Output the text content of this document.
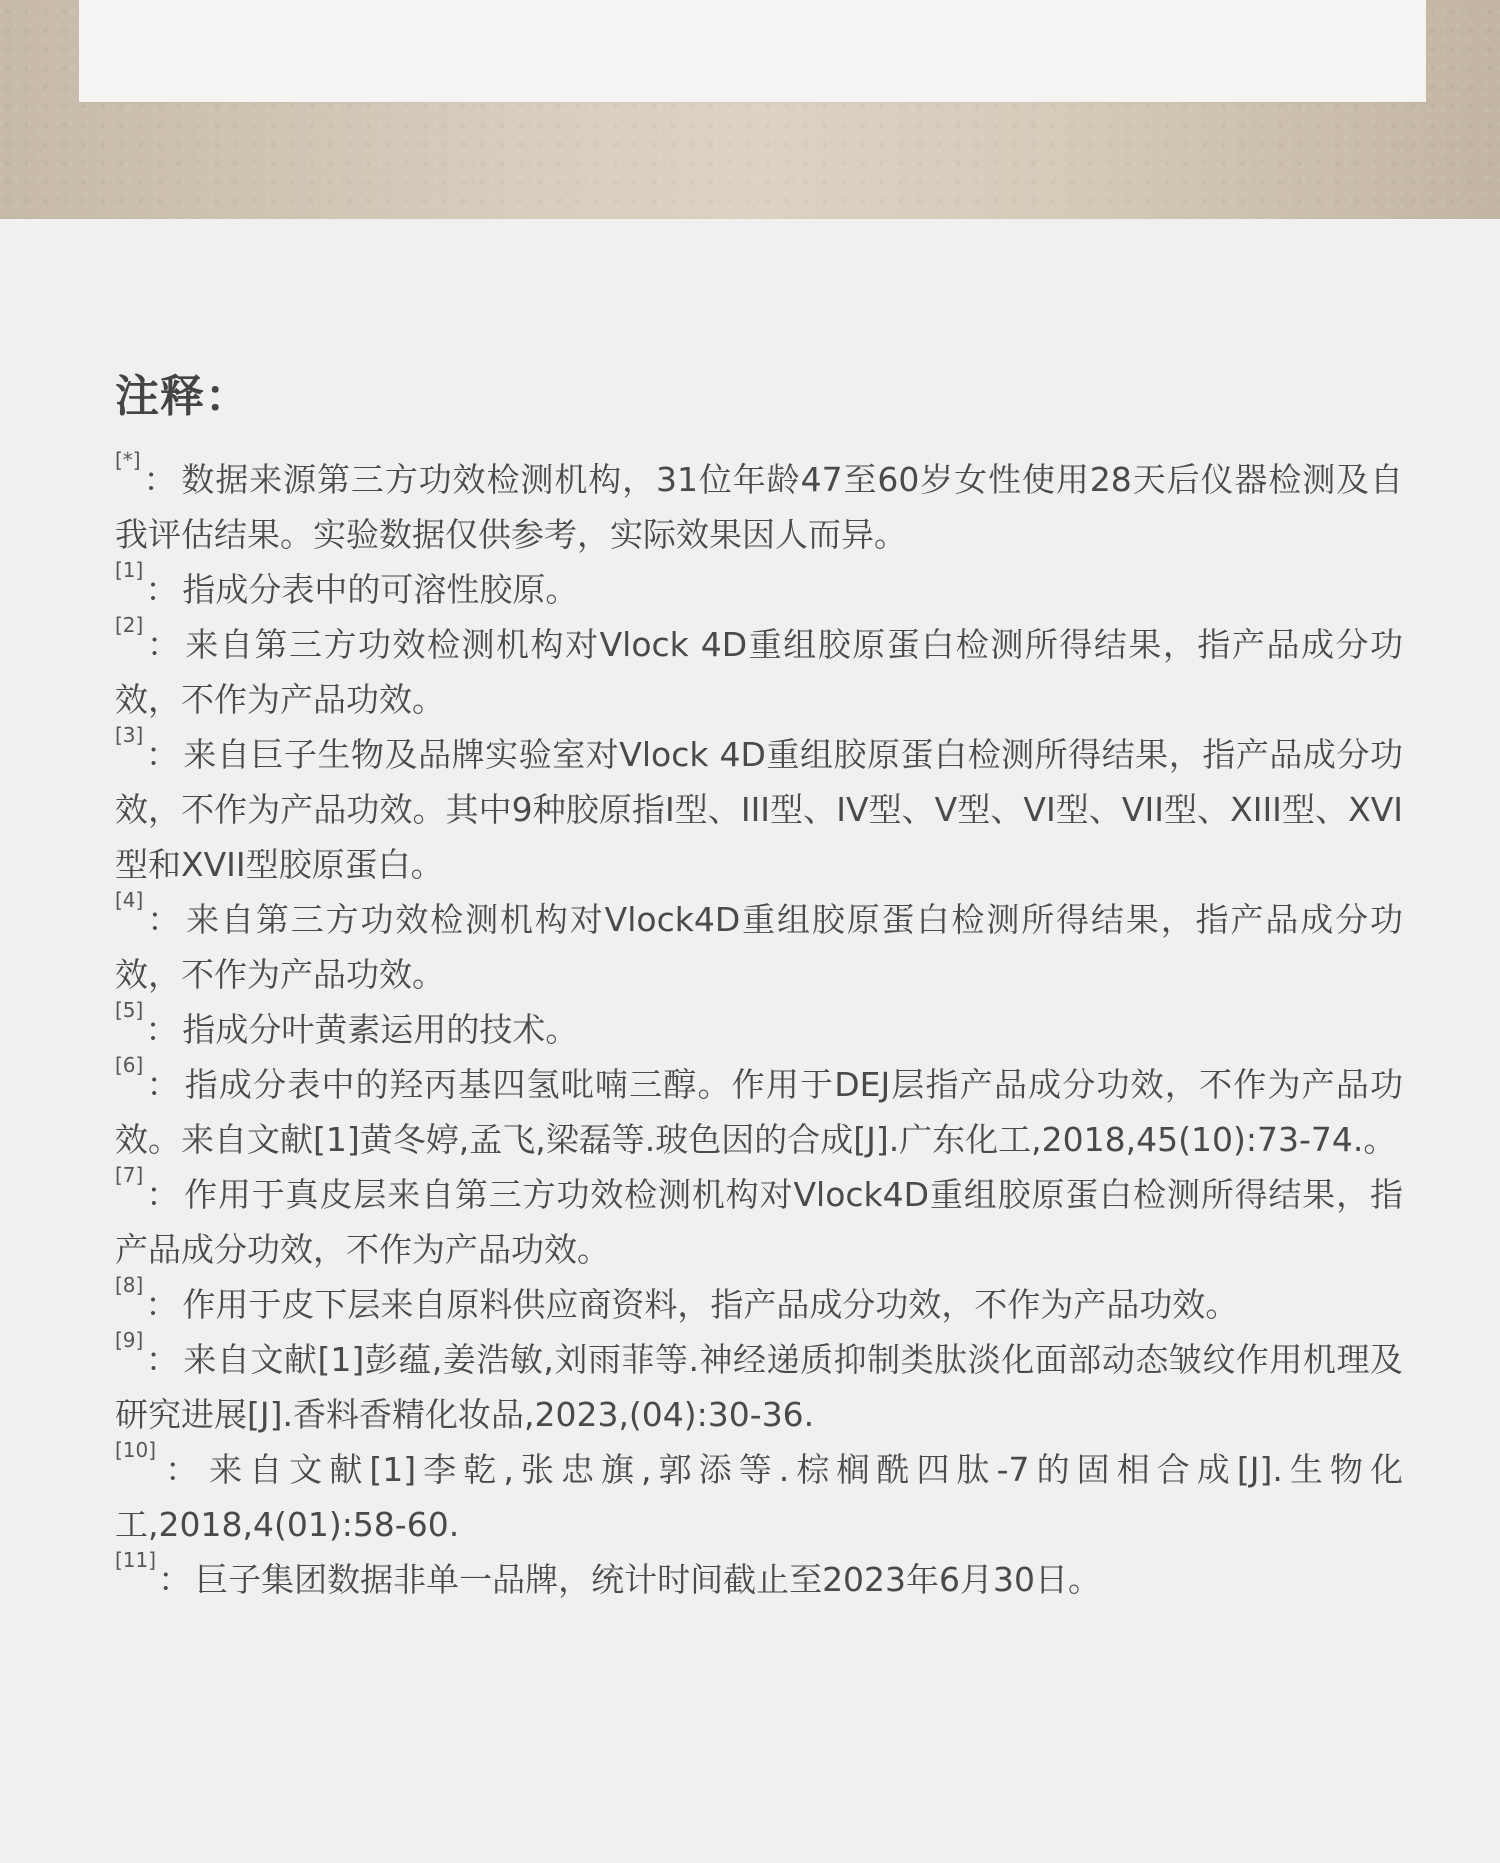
注释：

[*]： 数据来源第三方功效检测机构，31位年龄47至60岁女性使用28天后仪器检测及自我评估结果。实验数据仅供参考，实际效果因人而异。

[1]： 指成分表中的可溶性胶原。

[2]： 来自第三方功效检测机构对Vlock 4D重组胶原蛋白检测所得结果，指产品成分功效，不作为产品功效。

[3]： 来自巨子生物及品牌实验室对Vlock 4D重组胶原蛋白检测所得结果，指产品成分功效，不作为产品功效。其中9种胶原指Ⅰ型、III型、IV型、V型、VI型、VII型、XIII型、XVI型和XVII型胶原蛋白。

[4]： 来自第三方功效检测机构对Vlock4D重组胶原蛋白检测所得结果，指产品成分功效，不作为产品功效。

[5]： 指成分叶黄素运用的技术。

[6]： 指成分表中的羟丙基四氢吡喃三醇。作用于DEJ层指产品成分功效，不作为产品功效。来自文献[1]黄冬婷,孟飞,梁磊等.玻色因的合成[J].广东化工,2018,45(10):73-74.。

[7]： 作用于真皮层来自第三方功效检测机构对Vlock4D重组胶原蛋白检测所得结果，指产品成分功效，不作为产品功效。

[8]： 作用于皮下层来自原料供应商资料，指产品成分功效，不作为产品功效。

[9]： 来自文献[1]彭蕴,姜浩敏,刘雨菲等.神经递质抑制类肽淡化面部动态皱纹作用机理及研究进展[J].香料香精化妆品,2023,(04):30-36.

[10]： 来自文献[1]李乾,张忠旗,郭添等.棕榈酰四肽-7的固相合成[J].生物化工,2018,4(01):58-60.

[11]： 巨子集团数据非单一品牌，统计时间截止至2023年6月30日。
